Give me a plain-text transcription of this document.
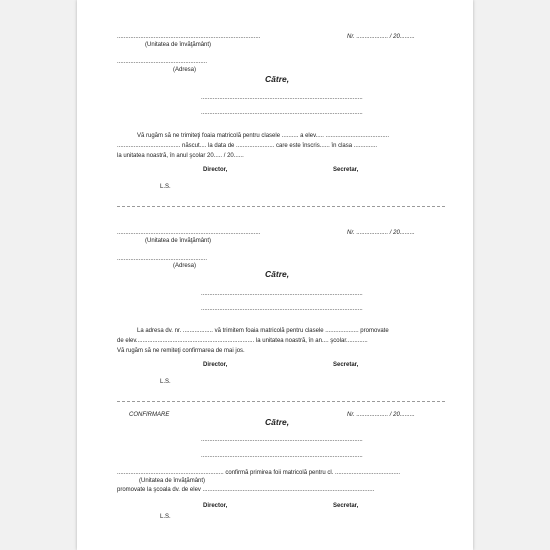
......................................................................................	Nr. ................... / 20.........
(Unitatea de învăţământ)
......................................................
(Adresa)
Către,
.................................................................................................
.................................................................................................
Vă rugăm să ne trimiteţi foaia matricolă pentru clasele .......... a elev..... ......................................
...................................... născut.... la data de ....................... care este înscris...... în clasa ..............
la unitatea noastră, în anul şcolar 20..... / 20......
Director,	Secretar,
L.S.
......................................................................................	Nr. ................... / 20.........
(Unitatea de învăţământ)
......................................................
(Adresa)
Către,
.................................................................................................
.................................................................................................
La adresa dv. nr. .................. vă trimitem foaia matricolă pentru clasele .................... promovate
de elev....................................................................... la unitatea noastră, în an.... şcolar.............
Vă rugăm să ne remiteţi confirmarea de mai jos.
Director,	Secretar,
L.S.
CONFIRMARE	Nr. ................... / 20.........
Către,
.................................................................................................
.................................................................................................
................................................................ confirmă primirea foii matricolă pentru cl. .......................................
(Unitatea de învăţământ)
promovate la şcoala dv. de elev .......................................................................................................
Director,	Secretar,
L.S.
